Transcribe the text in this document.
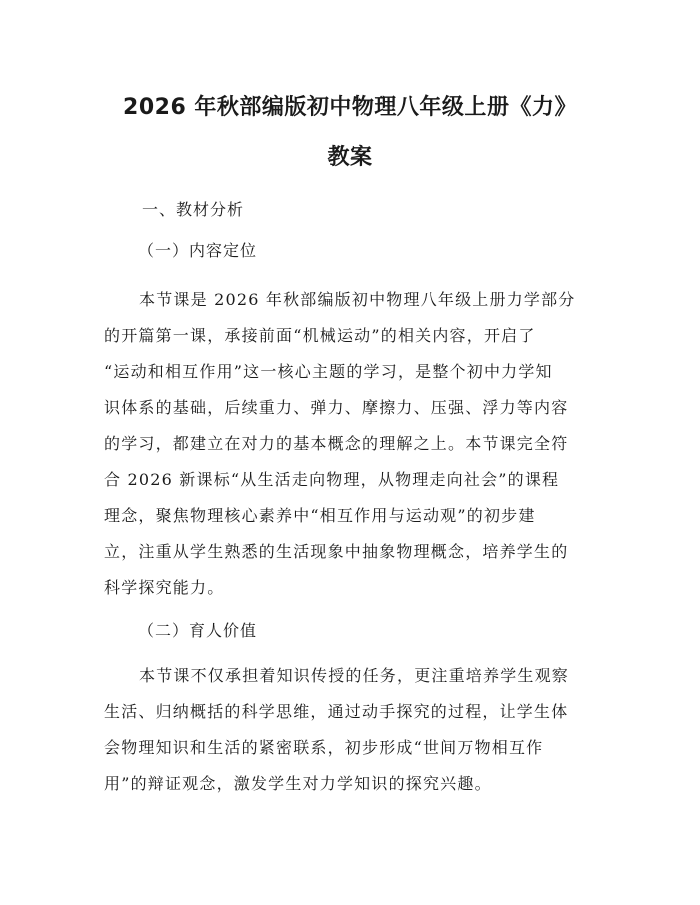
2026 年秋部编版初中物理八年级上册《力》
教案
一、教材分析
（一）内容定位
本节课是 2026 年秋部编版初中物理八年级上册力学部分
的开篇第一课，承接前面“机械运动”的相关内容，开启了
“运动和相互作用”这一核心主题的学习，是整个初中力学知
识体系的基础，后续重力、弹力、摩擦力、压强、浮力等内容
的学习，都建立在对力的基本概念的理解之上。本节课完全符
合 2026 新课标“从生活走向物理，从物理走向社会”的课程
理念，聚焦物理核心素养中“相互作用与运动观”的初步建
立，注重从学生熟悉的生活现象中抽象物理概念，培养学生的
科学探究能力。
（二）育人价值
本节课不仅承担着知识传授的任务，更注重培养学生观察
生活、归纳概括的科学思维，通过动手探究的过程，让学生体
会物理知识和生活的紧密联系，初步形成“世间万物相互作
用”的辩证观念，激发学生对力学知识的探究兴趣。
